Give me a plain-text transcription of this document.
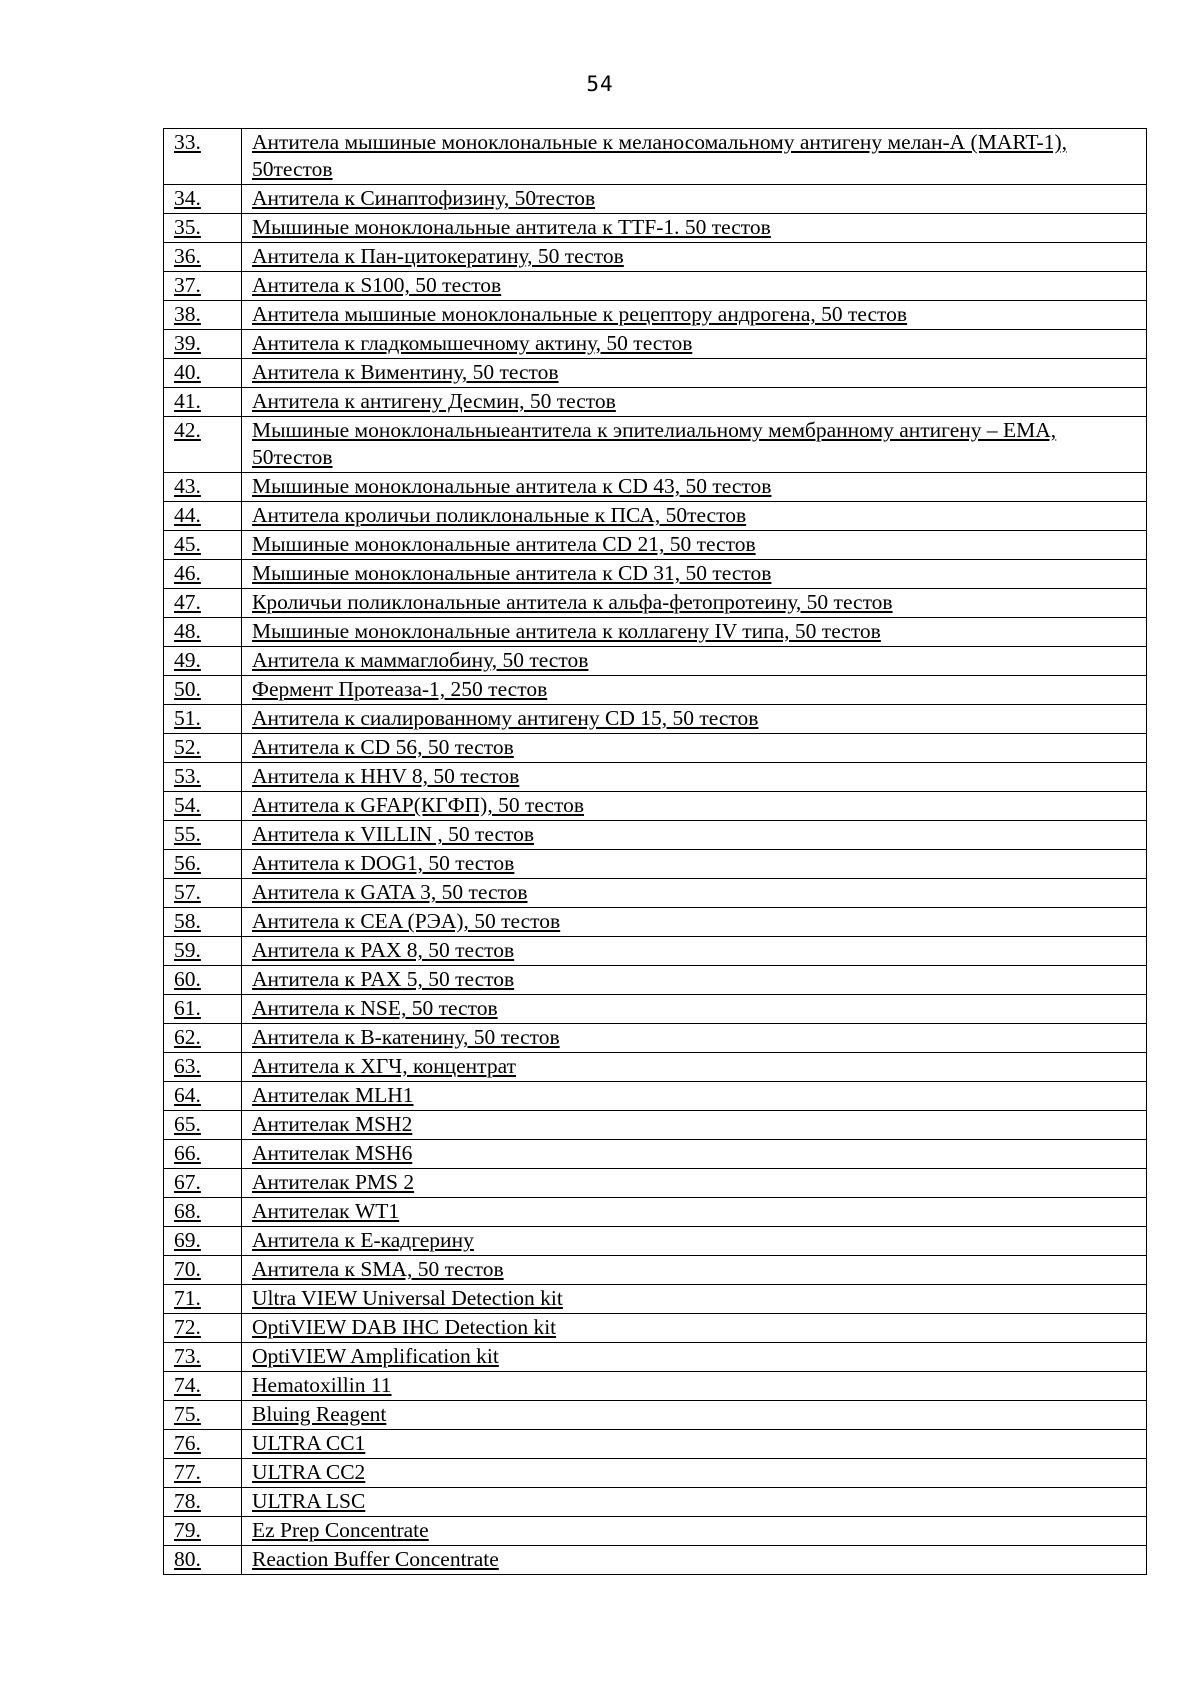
54
33.	Антитела мышиные моноклональные к меланосомальному антигену мелан-А (MART-1), 50тестов
34.	Антитела к Синаптофизину, 50тестов
35.	Мышиные моноклональные антитела к TTF-1. 50 тестов
36.	Антитела к Пан-цитокератину, 50 тестов
37.	Антитела к S100, 50 тестов
38.	Антитела мышиные моноклональные к рецептору андрогена, 50 тестов
39.	Антитела к гладкомышечному актину, 50 тестов
40.	Антитела к Виментину, 50 тестов
41.	Антитела к антигену Десмин, 50 тестов
42.	Мышиные моноклональныеантитела к эпителиальному мембранному антигену – ЕМА, 50тестов
43.	Мышиные моноклональные антитела к CD 43, 50 тестов
44.	Антитела кроличьи поликлональные к ПСА, 50тестов
45.	Мышиные моноклональные антитела CD 21, 50 тестов
46.	Мышиные моноклональные антитела к CD 31, 50 тестов
47.	Кроличьи поликлональные антитела к альфа-фетопротеину, 50 тестов
48.	Мышиные моноклональные антитела к коллагену IV типа, 50 тестов
49.	Антитела к маммаглобину, 50 тестов
50.	Фермент Протеаза-1, 250 тестов
51.	Антитела к сиалированному антигену CD 15, 50 тестов
52.	Антитела к CD 56, 50 тестов
53.	Антитела к HHV 8, 50 тестов
54.	Антитела к GFAP(КГФП), 50 тестов
55.	Антитела к VILLIN , 50 тестов
56.	Антитела к DOG1, 50 тестов
57.	Антитела к GATA 3, 50 тестов
58.	Антитела к CEA (РЭА), 50 тестов
59.	Антитела к PAX 8, 50 тестов
60.	Антитела к PAX 5, 50 тестов
61.	Антитела к NSE, 50 тестов
62.	Антитела к В-катенину, 50 тестов
63.	Антитела к ХГЧ, концентрат
64.	Антителак MLH1
65.	Антителак MSH2
66.	Антителак MSH6
67.	Антителак PMS 2
68.	Антителак WT1
69.	Антитела к Е-кадгерину
70.	Антитела к SMA, 50 тестов
71.	Ultra VIEW Universal Detection kit
72.	OptiVIEW DAB IHC Detection kit
73.	OptiVIEW Amplification kit
74.	Hematoxillin 11
75.	Bluing Reagent
76.	ULTRA CC1
77.	ULTRA CC2
78.	ULTRA LSC
79.	Ez Prep Concentrate
80.	Reaction Buffer Concentrate
